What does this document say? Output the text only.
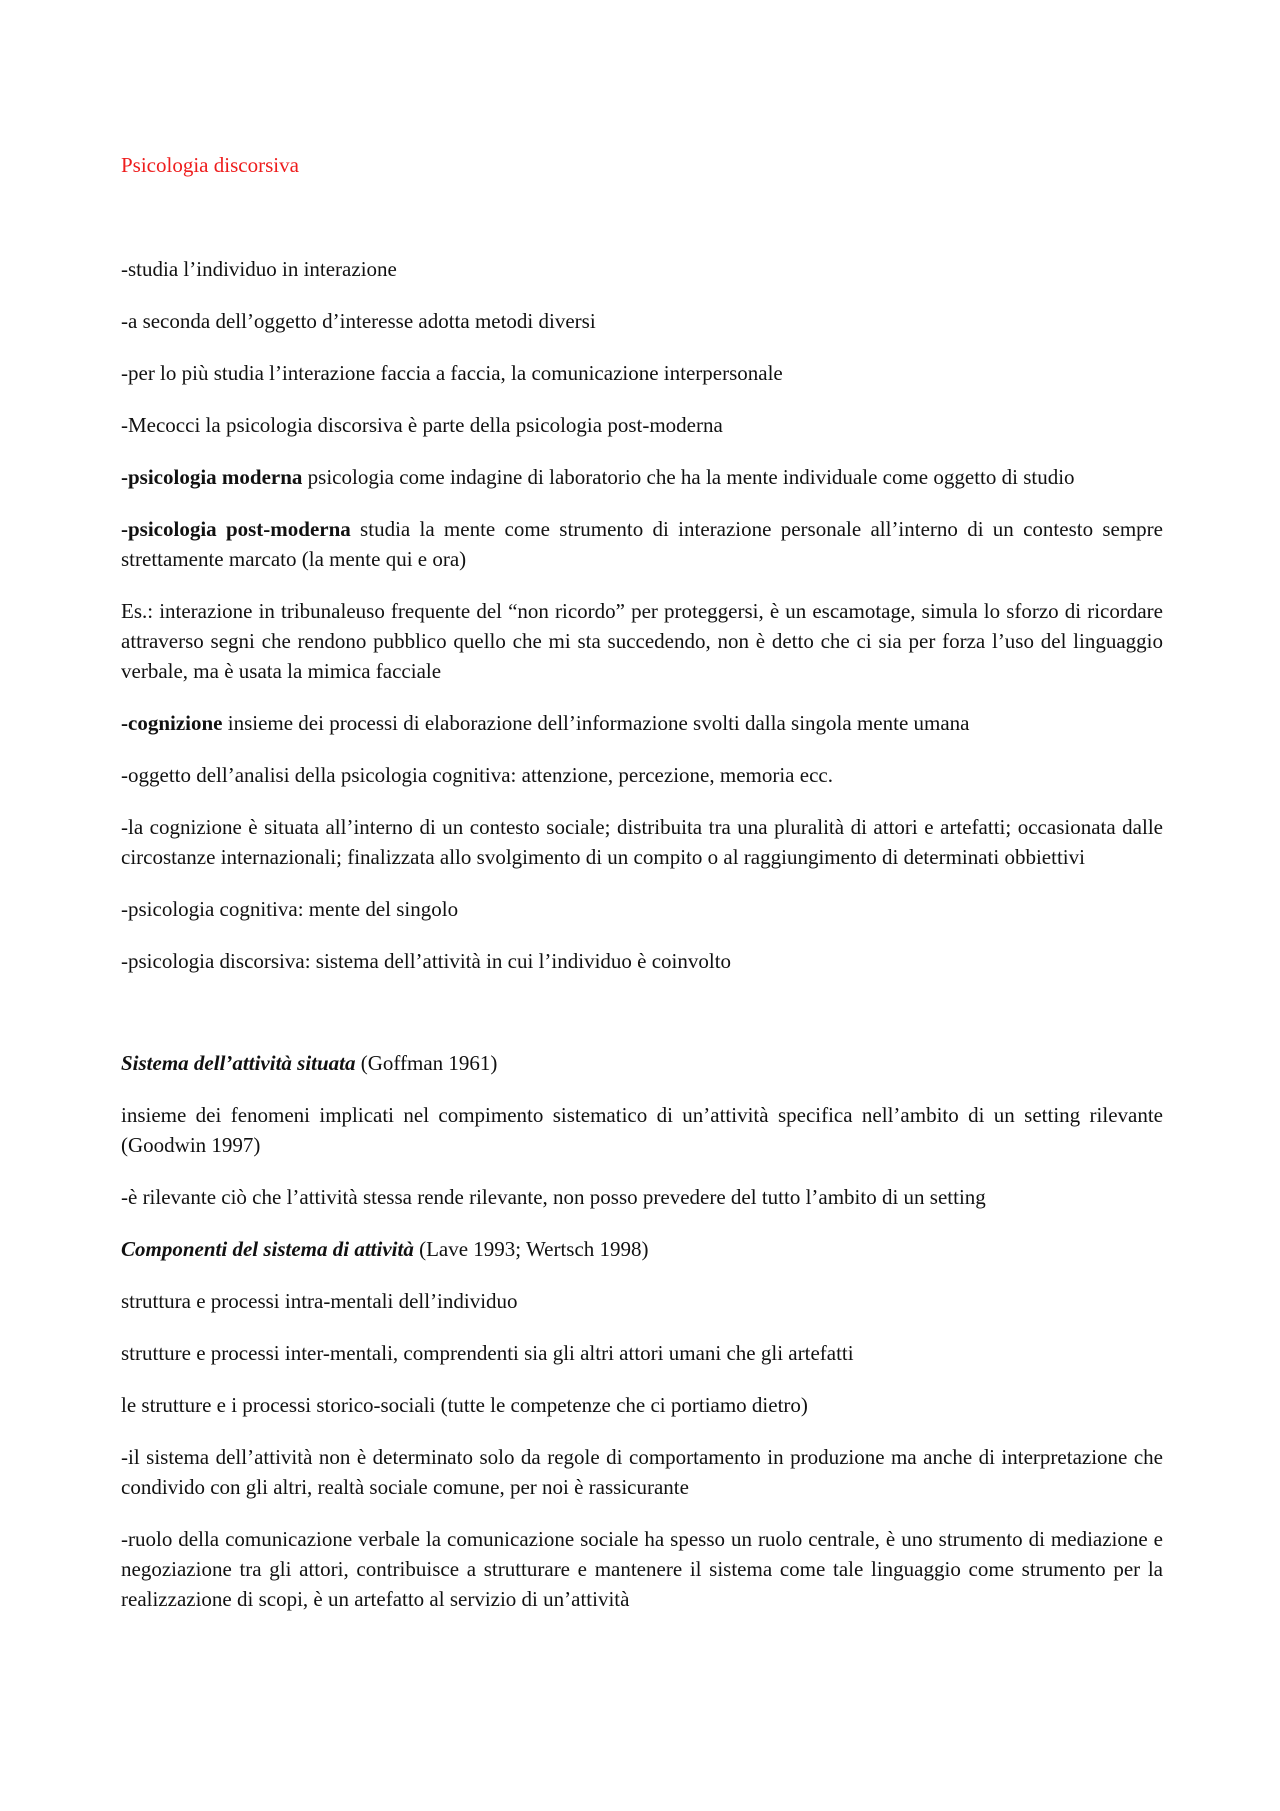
Psicologia discorsiva
-studia l’individuo in interazione
-a seconda dell’oggetto d’interesse adotta metodi diversi
-per lo più studia l’interazione faccia a faccia, la comunicazione interpersonale
-Mecocci la psicologia discorsiva è parte della psicologia post-moderna
-psicologia moderna psicologia come indagine di laboratorio che ha la mente individuale come oggetto di studio
-psicologia post-moderna studia la mente come strumento di interazione personale all’interno di un contesto sempre strettamente marcato (la mente qui e ora)
Es.: interazione in tribunaleuso frequente del “non ricordo” per proteggersi, è un escamotage, simula lo sforzo di ricordare attraverso segni che rendono pubblico quello che mi sta succedendo, non è detto che ci sia per forza l’uso del linguaggio verbale, ma è usata la mimica facciale
-cognizione insieme dei processi di elaborazione dell’informazione svolti dalla singola mente umana
-oggetto dell’analisi della psicologia cognitiva: attenzione, percezione, memoria ecc.
-la cognizione è situata all’interno di un contesto sociale; distribuita tra una pluralità di attori e artefatti; occasionata dalle circostanze internazionali; finalizzata allo svolgimento di un compito o al raggiungimento di determinati obbiettivi
-psicologia cognitiva: mente del singolo
-psicologia discorsiva: sistema dell’attività in cui l’individuo è coinvolto
Sistema dell’attività situata (Goffman 1961)
insieme dei fenomeni implicati nel compimento sistematico di un’attività specifica nell’ambito di un setting rilevante (Goodwin 1997)
-è rilevante ciò che l’attività stessa rende rilevante, non posso prevedere del tutto l’ambito di un setting
Componenti del sistema di attività (Lave 1993; Wertsch 1998)
struttura e processi intra-mentali dell’individuo
strutture e processi inter-mentali, comprendenti sia gli altri attori umani che gli artefatti
le strutture e i processi storico-sociali (tutte le competenze che ci portiamo dietro)
-il sistema dell’attività non è determinato solo da regole di comportamento in produzione ma anche di interpretazione che condivido con gli altri, realtà sociale comune, per noi è rassicurante
-ruolo della comunicazione verbale la comunicazione sociale ha spesso un ruolo centrale, è uno strumento di mediazione e negoziazione tra gli attori, contribuisce a strutturare e mantenere il sistema come tale linguaggio come strumento per la realizzazione di scopi, è un artefatto al servizio di un’attività
